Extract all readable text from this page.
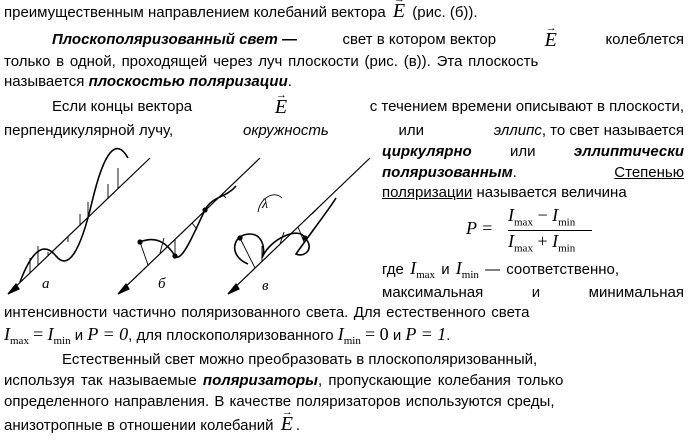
преимущественным направлением колебаний вектора → E (рис. (б)).
Плоскополяризованный свет —	свет в котором вектор → E	колеблется
только в одной, проходящей через луч плоскости (рис. (в)). Эта плоскость
называется плоскостью поляризации.
Если концы вектора	→ E	с течением времени описывают в плоскости,
перпендикулярной лучу,	окружность	или	эллипс, то свет называется
циркулярно	или	эллиптически
поляризованным.	Степенью
поляризации называется величина
P =
$I_{max} - I_{min}$
$I_{max} + I_{min}$
где $I_{max}$ и $I_{min}$ — соответственно,
максимальная	и	минимальная
интенсивности частично поляризованного света. Для естественного света
$I_{max} = I_{min}$ и P = 0, для плоскополяризованного $I_{min} = 0$ и P = 1.
Естественный свет можно преобразовать в плоскополяризованный,
используя так называемые поляризаторы, пропускающие колебания только
определенного направления. В качестве поляризаторов используются среды,
анизотропные в отношении колебаний → E .
а	б	в
λ
